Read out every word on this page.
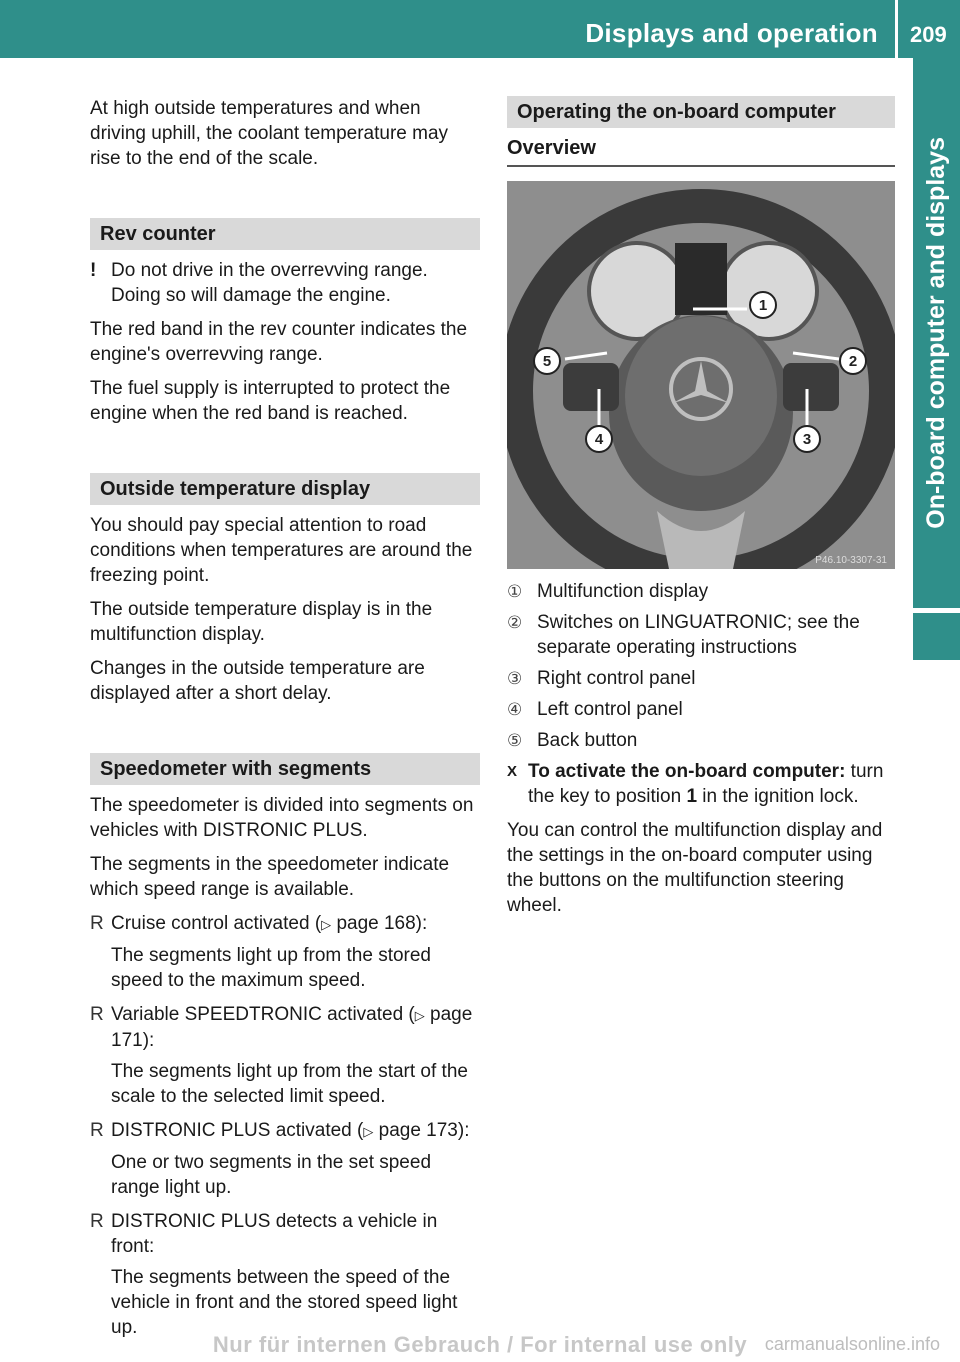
Displays and operation 209
On-board computer and displays

At high outside temperatures and when driving uphill, the coolant temperature may rise to the end of the scale.

Rev counter
! Do not drive in the overrevving range. Doing so will damage the engine.

The red band in the rev counter indicates the engine's overrevving range.

The fuel supply is interrupted to protect the engine when the red band is reached.

Outside temperature display

You should pay special attention to road conditions when temperatures are around the freezing point.

The outside temperature display is in the multifunction display.

Changes in the outside temperature are displayed after a short delay.

Speedometer with segments

The speedometer is divided into segments on vehicles with DISTRONIC PLUS.

The segments in the speedometer indicate which speed range is available.

R Cruise control activated (▷ page 168):
The segments light up from the stored speed to the maximum speed.
R Variable SPEEDTRONIC activated (▷ page 171):
The segments light up from the start of the scale to the selected limit speed.
R DISTRONIC PLUS activated (▷ page 173):
One or two segments in the set speed range light up.
R DISTRONIC PLUS detects a vehicle in front:
The segments between the speed of the vehicle in front and the stored speed light up.
Operating the on-board computer
Overview
1
2
3
4
5
P46.10-3307-31
① Multifunction display
② Switches on LINGUATRONIC; see the separate operating instructions
③ Right control panel
④ Left control panel
⑤ Back button
X To activate the on-board computer: turn the key to position 1 in the ignition lock.

You can control the multifunction display and the settings in the on-board computer using the buttons on the multifunction steering wheel.

Nur für internen Gebrauch / For internal use only carmanualsonline.info
